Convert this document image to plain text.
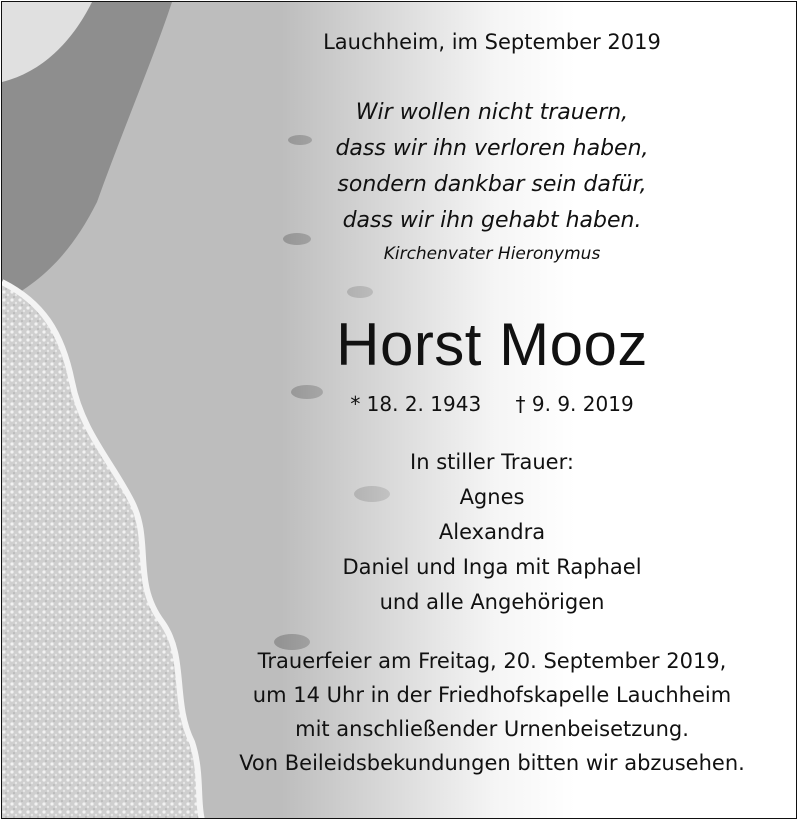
Lauchheim, im September 2019
Wir wollen nicht trauern,
dass wir ihn verloren haben,
sondern dankbar sein dafür,
dass wir ihn gehabt haben.
Kirchenvater Hieronymus
Horst Mooz
* 18. 2. 1943 † 9. 9. 2019
In stiller Trauer:
Agnes
Alexandra
Daniel und Inga mit Raphael
und alle Angehörigen
Trauerfeier am Freitag, 20. September 2019,
um 14 Uhr in der Friedhofskapelle Lauchheim
mit anschließender Urnenbeisetzung.
Von Beileidsbekundungen bitten wir abzusehen.
